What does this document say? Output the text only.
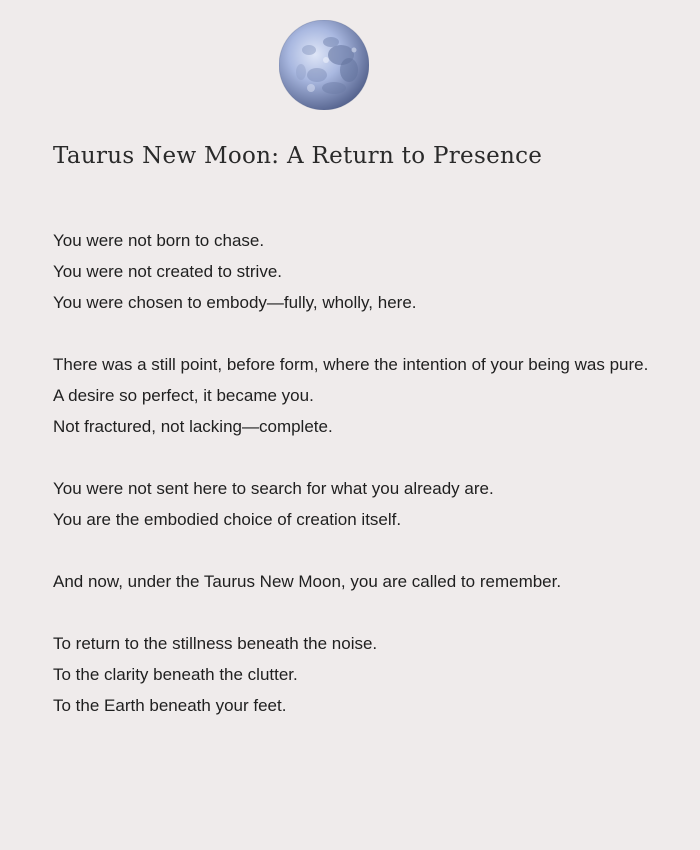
Taurus New Moon: A Return to Presence

You were not born to chase.
You were not created to strive.
You were chosen to embody—fully, wholly, here.

There was a still point, before form, where the intention of your being was pure.
A desire so perfect, it became you.
Not fractured, not lacking—complete.

You were not sent here to search for what you already are.
You are the embodied choice of creation itself.

And now, under the Taurus New Moon, you are called to remember.

To return to the stillness beneath the noise.
To the clarity beneath the clutter.
To the Earth beneath your feet.
